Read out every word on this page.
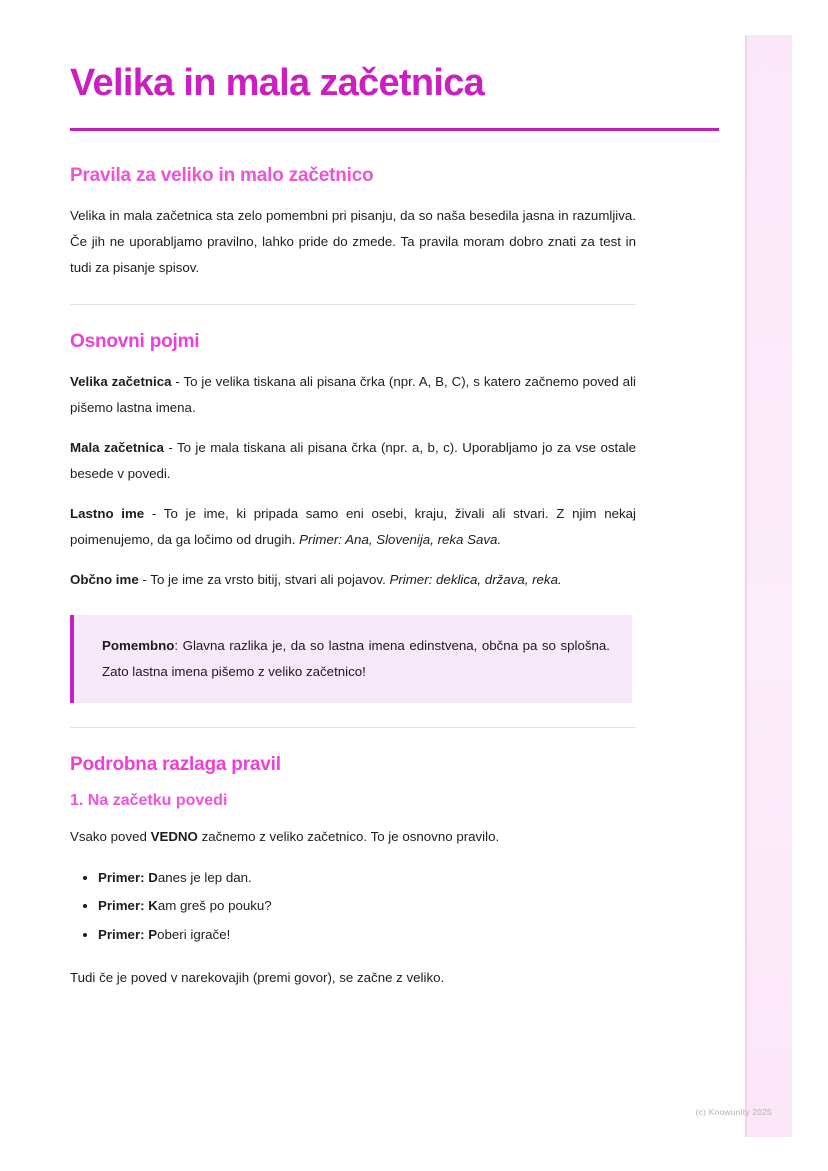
Velika in mala začetnica
Pravila za veliko in malo začetnico

Velika in mala začetnica sta zelo pomembni pri pisanju, da so naša besedila jasna in razumljiva. Če jih ne uporabljamo pravilno, lahko pride do zmede. Ta pravila moram dobro znati za test in tudi za pisanje spisov.

Osnovni pojmi

Velika začetnica - To je velika tiskana ali pisana črka (npr. A, B, C), s katero začnemo poved ali pišemo lastna imena.

Mala začetnica - To je mala tiskana ali pisana črka (npr. a, b, c). Uporabljamo jo za vse ostale besede v povedi.

Lastno ime - To je ime, ki pripada samo eni osebi, kraju, živali ali stvari. Z njim nekaj poimenujemo, da ga ločimo od drugih. Primer: Ana, Slovenija, reka Sava.

Občno ime - To je ime za vrsto bitij, stvari ali pojavov. Primer: deklica, država, reka.

Pomembno: Glavna razlika je, da so lastna imena edinstvena, občna pa so splošna. Zato lastna imena pišemo z veliko začetnico!

Podrobna razlaga pravil
1. Na začetku povedi

Vsako poved VEDNO začnemo z veliko začetnico. To je osnovno pravilo.

• Primer: Danes je lep dan.
• Primer: Kam greš po pouku?
• Primer: Poberi igrače!

Tudi če je poved v narekovajih (premi govor), se začne z veliko.

(c) Knowunity 2025
